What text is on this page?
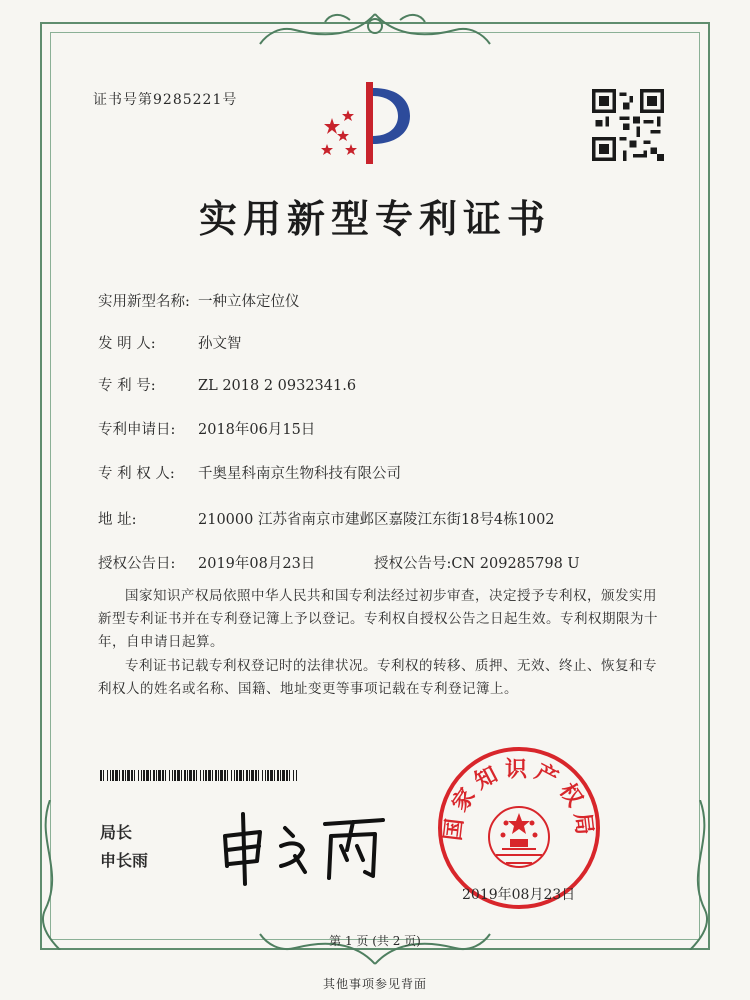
证书号第9285221号
实用新型专利证书
实用新型名称: 一种立体定位仪
发 明 人:	孙文智
专 利 号:	ZL 2018 2 0932341.6
专利申请日: 2018年06月15日
专 利 权 人: 千奥星科南京生物科技有限公司
地 址:	210000 江苏省南京市建邺区嘉陵江东街18号4栋1002
授权公告日: 2019年08月23日	授权公告号:CN 209285798 U
国家知识产权局依照中华人民共和国专利法经过初步审查，决定授予专利权，颁发实用新型专利证书并在专利登记簿上予以登记。专利权自授权公告之日起生效。专利权期限为十年，自申请日起算。
专利证书记载专利权登记时的法律状况。专利权的转移、质押、无效、终止、恢复和专利权人的姓名或名称、国籍、地址变更等事项记载在专利登记簿上。
局长
申长雨
国家知识产权局
2019年08月23日
第 1 页 (共 2 页)
其他事项参见背面
